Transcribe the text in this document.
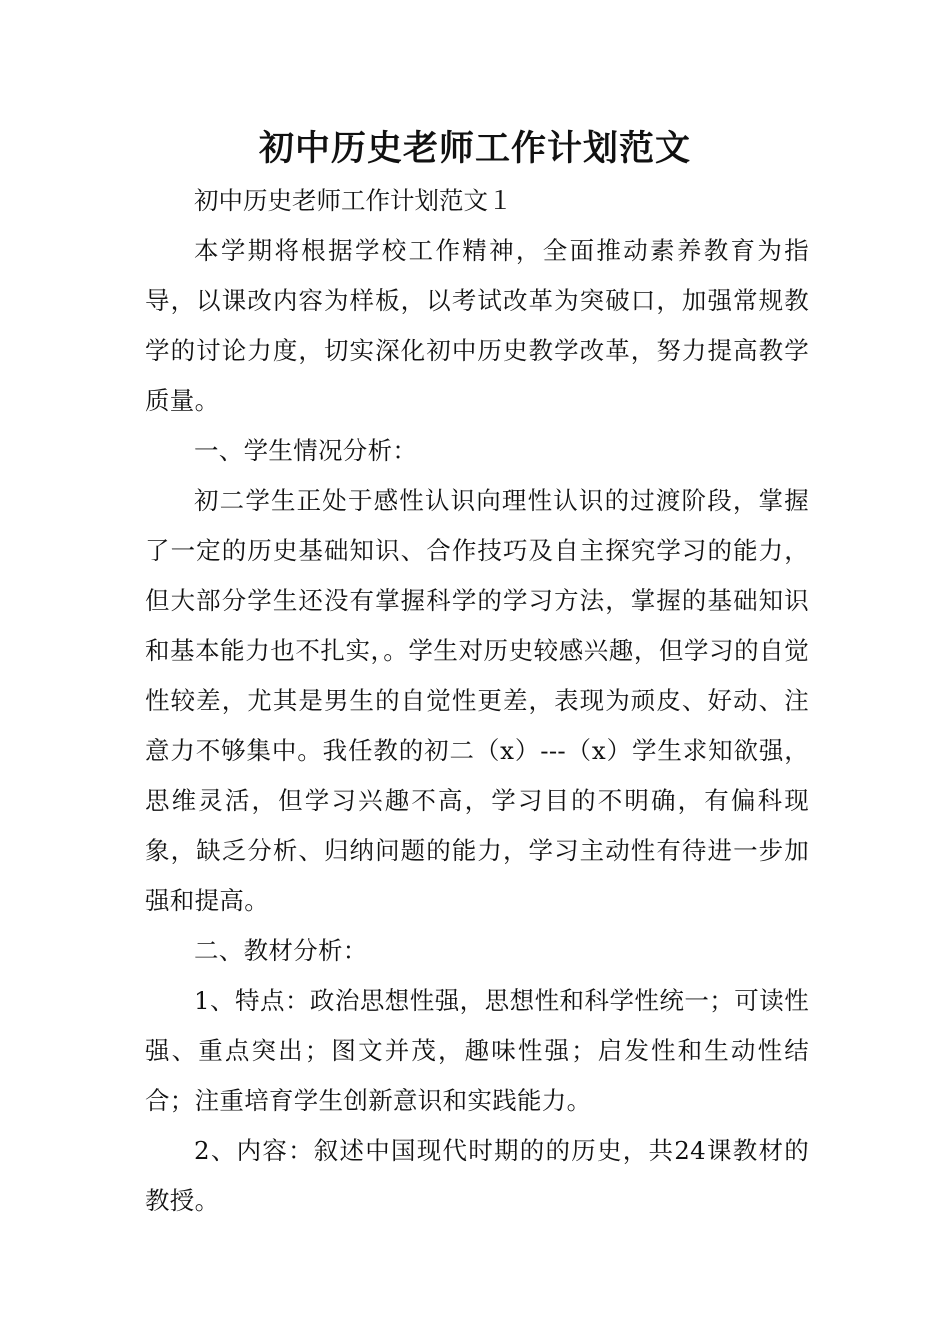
初中历史老师工作计划范文

初中历史老师工作计划范文１

本学期将根据学校工作精神，全面推动素养教育为指导，以课改内容为样板，以考试改革为突破口，加强常规教学的讨论力度，切实深化初中历史教学改革，努力提高教学质量。

一、学生情况分析：

初二学生正处于感性认识向理性认识的过渡阶段，掌握了一定的历史基础知识、合作技巧及自主探究学习的能力，但大部分学生还没有掌握科学的学习方法，掌握的基础知识和基本能力也不扎实，。学生对历史较感兴趣，但学习的自觉性较差，尤其是男生的自觉性更差，表现为顽皮、好动、注意力不够集中。我任教的初二（x）---（x）学生求知欲强，思维灵活，但学习兴趣不高，学习目的不明确，有偏科现象，缺乏分析、归纳问题的能力，学习主动性有待进一步加强和提高。

二、教材分析：

1、特点：政治思想性强，思想性和科学性统一；可读性强、重点突出；图文并茂，趣味性强；启发性和生动性结合；注重培育学生创新意识和实践能力。

2、内容：叙述中国现代时期的的历史，共24课教材的教授。
